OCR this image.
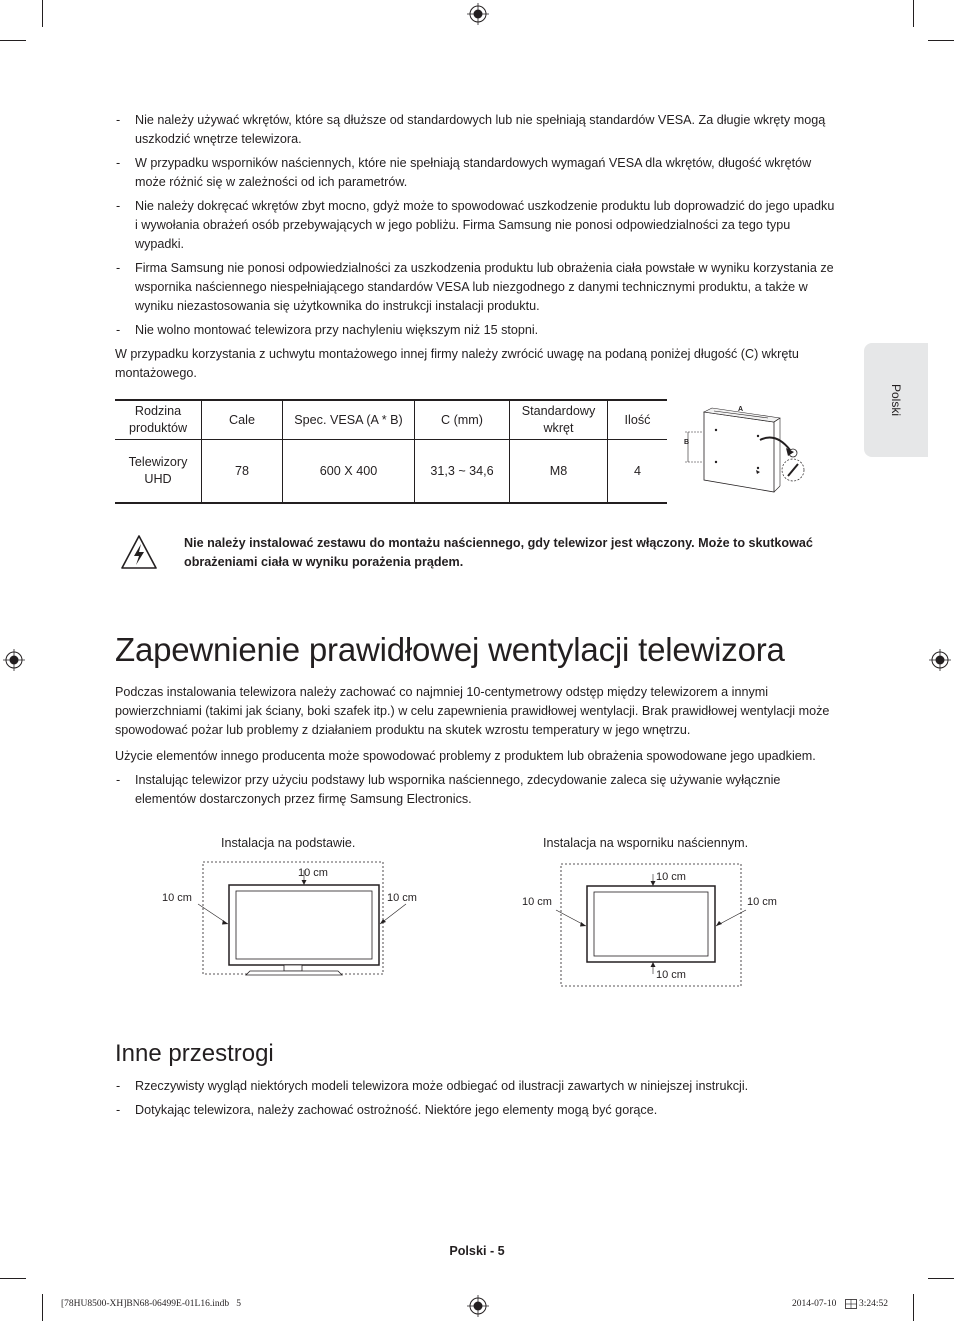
Polski
- Nie należy używać wkrętów, które są dłuższe od standardowych lub nie spełniają standardów VESA. Za długie wkręty mogą uszkodzić wnętrze telewizora.
- W przypadku wsporników naściennych, które nie spełniają standardowych wymagań VESA dla wkrętów, długość wkrętów może różnić się w zależności od ich parametrów.
- Nie należy dokręcać wkrętów zbyt mocno, gdyż może to spowodować uszkodzenie produktu lub doprowadzić do jego upadku i wywołania obrażeń osób przebywających w jego pobliżu. Firma Samsung nie ponosi odpowiedzialności za tego typu wypadki.
- Firma Samsung nie ponosi odpowiedzialności za uszkodzenia produktu lub obrażenia ciała powstałe w wyniku korzystania ze wspornika naściennego niespełniającego standardów VESA lub niezgodnego z danymi technicznymi produktu, a także w wyniku niezastosowania się użytkownika do instrukcji instalacji produktu.
- Nie wolno montować telewizora przy nachyleniu większym niż 15 stopni.
W przypadku korzystania z uchwytu montażowego innej firmy należy zwrócić uwagę na podaną poniżej długość (C) wkrętu montażowego.
Rodzina produktów	Cale	Spec. VESA (A * B)	C (mm)	Standardowy wkręt	Ilość
Telewizory UHD	78	600 X 400	31,3 ~ 34,6	M8	4
B
A
Nie należy instalować zestawu do montażu naściennego, gdy telewizor jest włączony. Może to skutkować obrażeniami ciała w wyniku porażenia prądem.
Zapewnienie prawidłowej wentylacji telewizora
Podczas instalowania telewizora należy zachować co najmniej 10-centymetrowy odstęp między telewizorem a innymi powierzchniami (takimi jak ściany, boki szafek itp.) w celu zapewnienia prawidłowej wentylacji. Brak prawidłowej wentylacji może spowodować pożar lub problemy z działaniem produktu na skutek wzrostu temperatury w jego wnętrzu.
Użycie elementów innego producenta może spowodować problemy z produktem lub obrażenia spowodowane jego upadkiem.
- Instalując telewizor przy użyciu podstawy lub wspornika naściennego, zdecydowanie zaleca się używanie wyłącznie elementów dostarczonych przez firmę Samsung Electronics.
Instalacja na podstawie.
10 cm
10 cm	10 cm
Instalacja na wsporniku naściennym.
10 cm
10 cm	10 cm
10 cm
Inne przestrogi
- Rzeczywisty wygląd niektórych modeli telewizora może odbiegać od ilustracji zawartych w niniejszej instrukcji.
- Dotykając telewizora, należy zachować ostrożność. Niektóre jego elementy mogą być gorące.
Polski - 5
[78HU8500-XH]BN68-06499E-01L16.indb   5	2014-07-10 3:24:52
